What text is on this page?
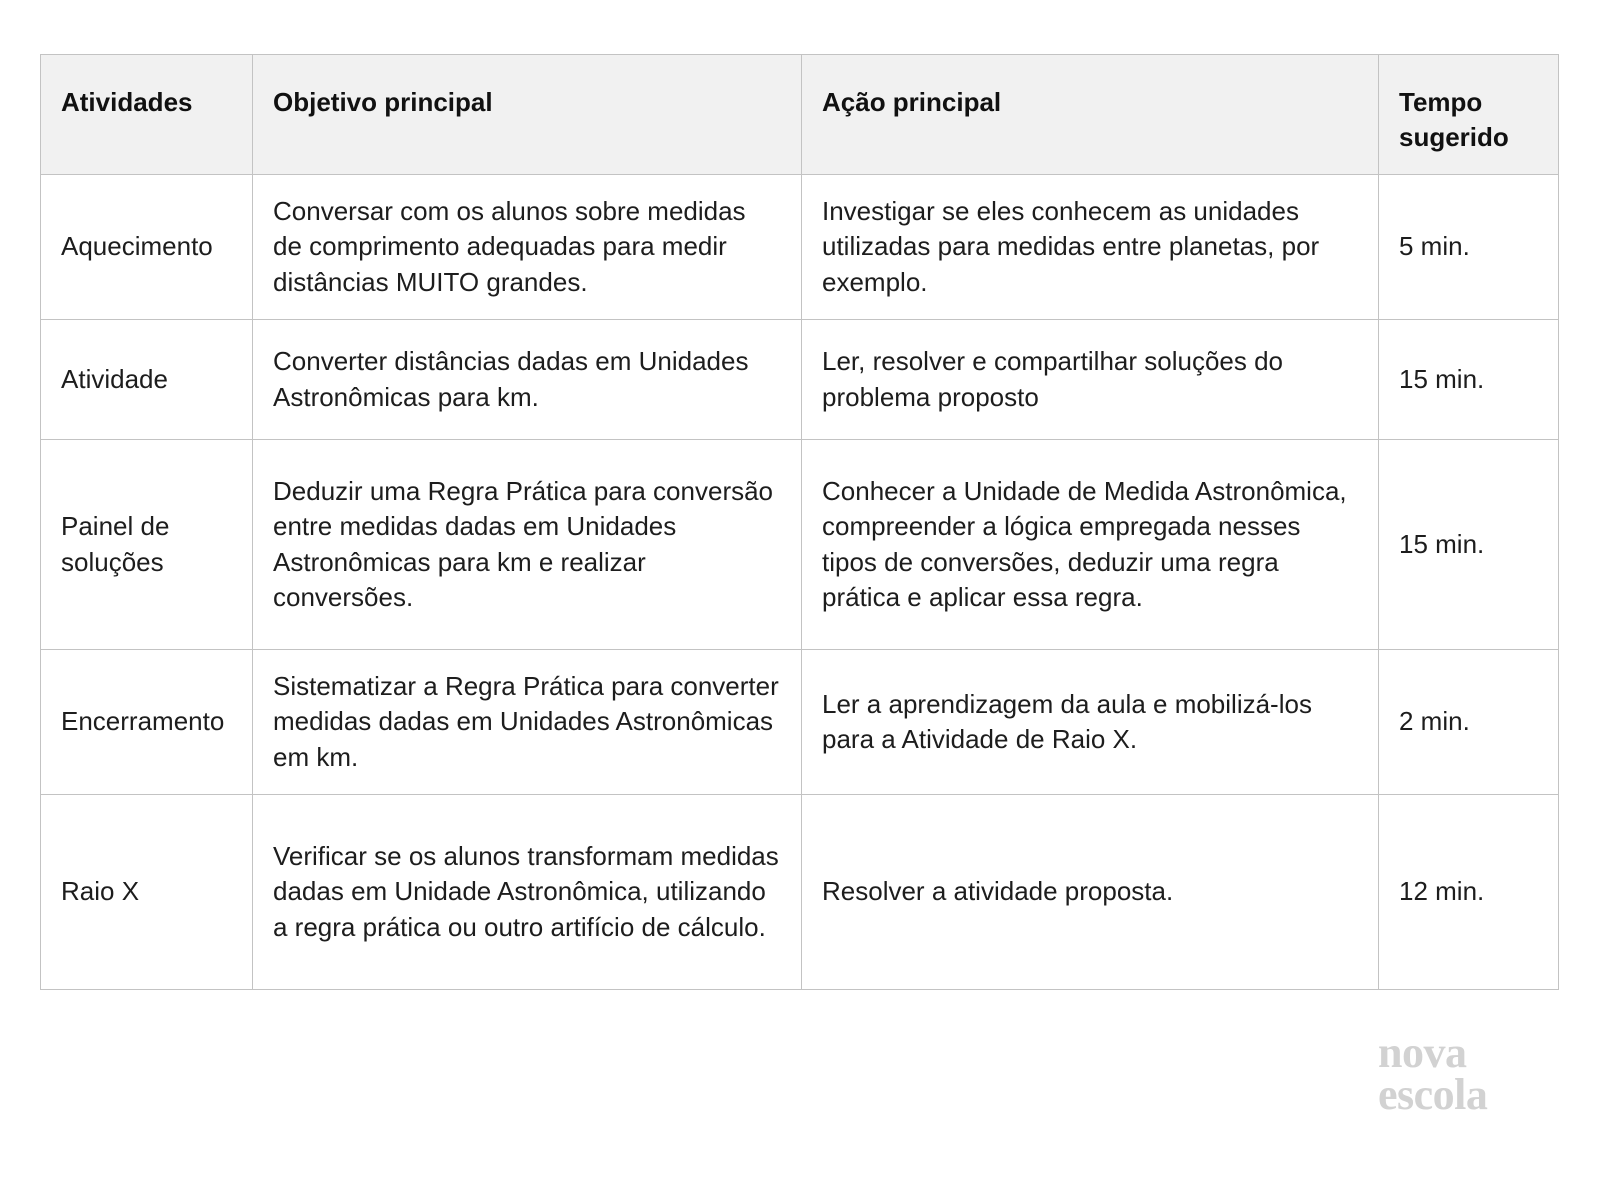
Atividades	Objetivo principal	Ação principal	Tempo sugerido
Aquecimento	Conversar com os alunos sobre medidas de comprimento adequadas para medir distâncias MUITO grandes.	Investigar se eles conhecem as unidades utilizadas para medidas entre planetas, por exemplo.	5 min.
Atividade	Converter distâncias dadas em Unidades Astronômicas para km.	Ler, resolver e compartilhar soluções do problema proposto	15 min.
Painel de soluções	Deduzir uma Regra Prática para conversão entre medidas dadas em Unidades Astronômicas para km e realizar conversões.	Conhecer a Unidade de Medida Astronômica, compreender a lógica empregada nesses tipos de conversões, deduzir uma regra prática e aplicar essa regra.	15 min.
Encerramento	Sistematizar a Regra Prática para converter medidas dadas em Unidades Astronômicas em km.	Ler a aprendizagem da aula e mobilizá-los para a Atividade de Raio X.	2 min.
Raio X	Verificar se os alunos transformam medidas dadas em Unidade Astronômica, utilizando a regra prática ou outro artifício de cálculo.	Resolver a atividade proposta.	12 min.
nova
escola
